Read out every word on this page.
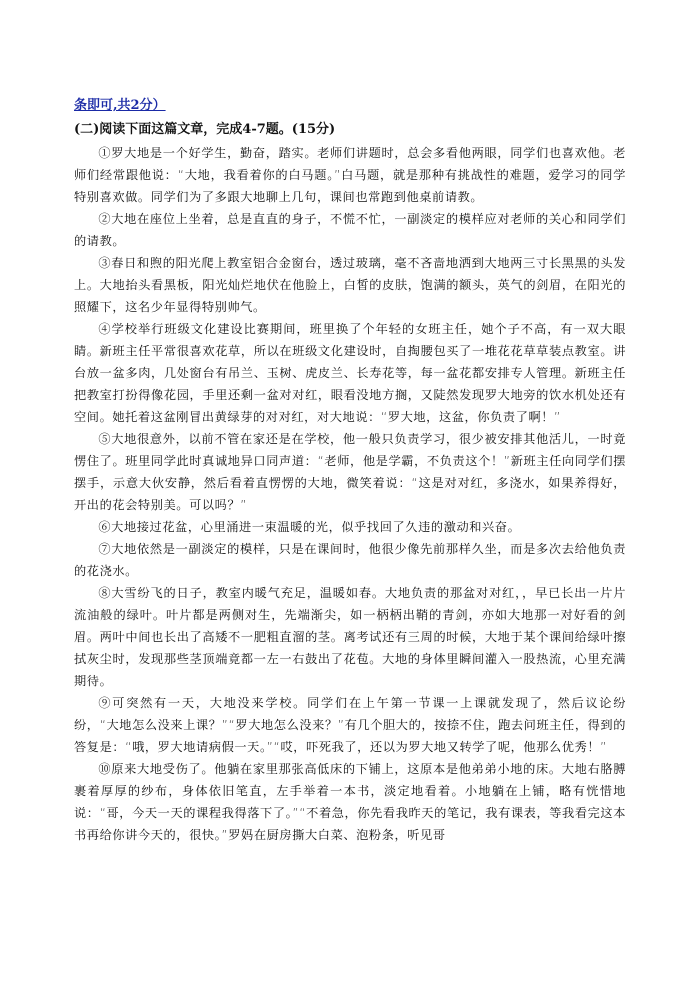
条即可,共2分）
(二)阅读下面这篇文章，完成4-7题。(15分)

①罗大地是一个好学生，勤奋，踏实。老师们讲题时，总会多看他两眼，同学们也喜欢他。老师们经常跟他说：“大地，我看着你的白马题。”白马题，就是那种有挑战性的难题，爱学习的同学特别喜欢做。同学们为了多跟大地聊上几句，课间也常跑到他桌前请教。

②大地在座位上坐着，总是直直的身子，不慌不忙，一副淡定的模样应对老师的关心和同学们的请教。

③春日和煦的阳光爬上教室铝合金窗台，透过玻璃，毫不吝啬地洒到大地两三寸长黑黑的头发上。大地抬头看黑板，阳光灿烂地伏在他脸上，白皙的皮肤，饱满的额头，英气的剑眉，在阳光的照耀下，这名少年显得特别帅气。

④学校举行班级文化建设比赛期间，班里换了个年轻的女班主任，她个子不高，有一双大眼睛。新班主任平常很喜欢花草，所以在班级文化建设时，自掏腰包买了一堆花花草草装点教室。讲台放一盆多肉，几处窗台有吊兰、玉树、虎皮兰、长寿花等，每一盆花都安排专人管理。新班主任把教室打扮得像花园，手里还剩一盆对对红，眼看没地方搁，又陡然发现罗大地旁的饮水机处还有空间。她托着这盆刚冒出黄绿芽的对对红，对大地说：“罗大地，这盆，你负责了啊！”

⑤大地很意外，以前不管在家还是在学校，他一般只负责学习，很少被安排其他活儿，一时竟愣住了。班里同学此时真诚地异口同声道：“老师，他是学霸，不负责这个！”新班主任向同学们摆摆手，示意大伙安静，然后看着直愣愣的大地，微笑着说：“这是对对红，多浇水，如果养得好，开出的花会特别美。可以吗？”

⑥大地接过花盆，心里涌进一束温暖的光，似乎找回了久违的激动和兴奋。

⑦大地依然是一副淡定的模样，只是在课间时，他很少像先前那样久坐，而是多次去给他负责的花浇水。

⑧大雪纷飞的日子，教室内暖气充足，温暖如春。大地负责的那盆对对红，，早已长出一片片流油般的绿叶。叶片都是两侧对生，先端渐尖，如一柄柄出鞘的青剑，亦如大地那一对好看的剑眉。两叶中间也长出了高矮不一肥粗直溜的茎。离考试还有三周的时候，大地于某个课间给绿叶擦拭灰尘时，发现那些茎顶端竟都一左一右鼓出了花苞。大地的身体里瞬间灌入一股热流，心里充满期待。

⑨可突然有一天，大地没来学校。同学们在上午第一节课一上课就发现了，然后议论纷纷，“大地怎么没来上课？”“罗大地怎么没来？”有几个胆大的，按捺不住，跑去问班主任，得到的答复是：“哦，罗大地请病假一天。”“哎，吓死我了，还以为罗大地又转学了呢，他那么优秀！”

⑩原来大地受伤了。他躺在家里那张高低床的下铺上，这原本是他弟弟小地的床。大地右胳膊裹着厚厚的纱布，身体依旧笔直，左手举着一本书，淡定地看着。小地躺在上铺，略有恍惜地说：“哥，今天一天的课程我得落下了。”“不着急，你先看我昨天的笔记，我有课表，等我看完这本书再给你讲今天的，很快。”罗妈在厨房撕大白菜、泡粉条，听见哥
